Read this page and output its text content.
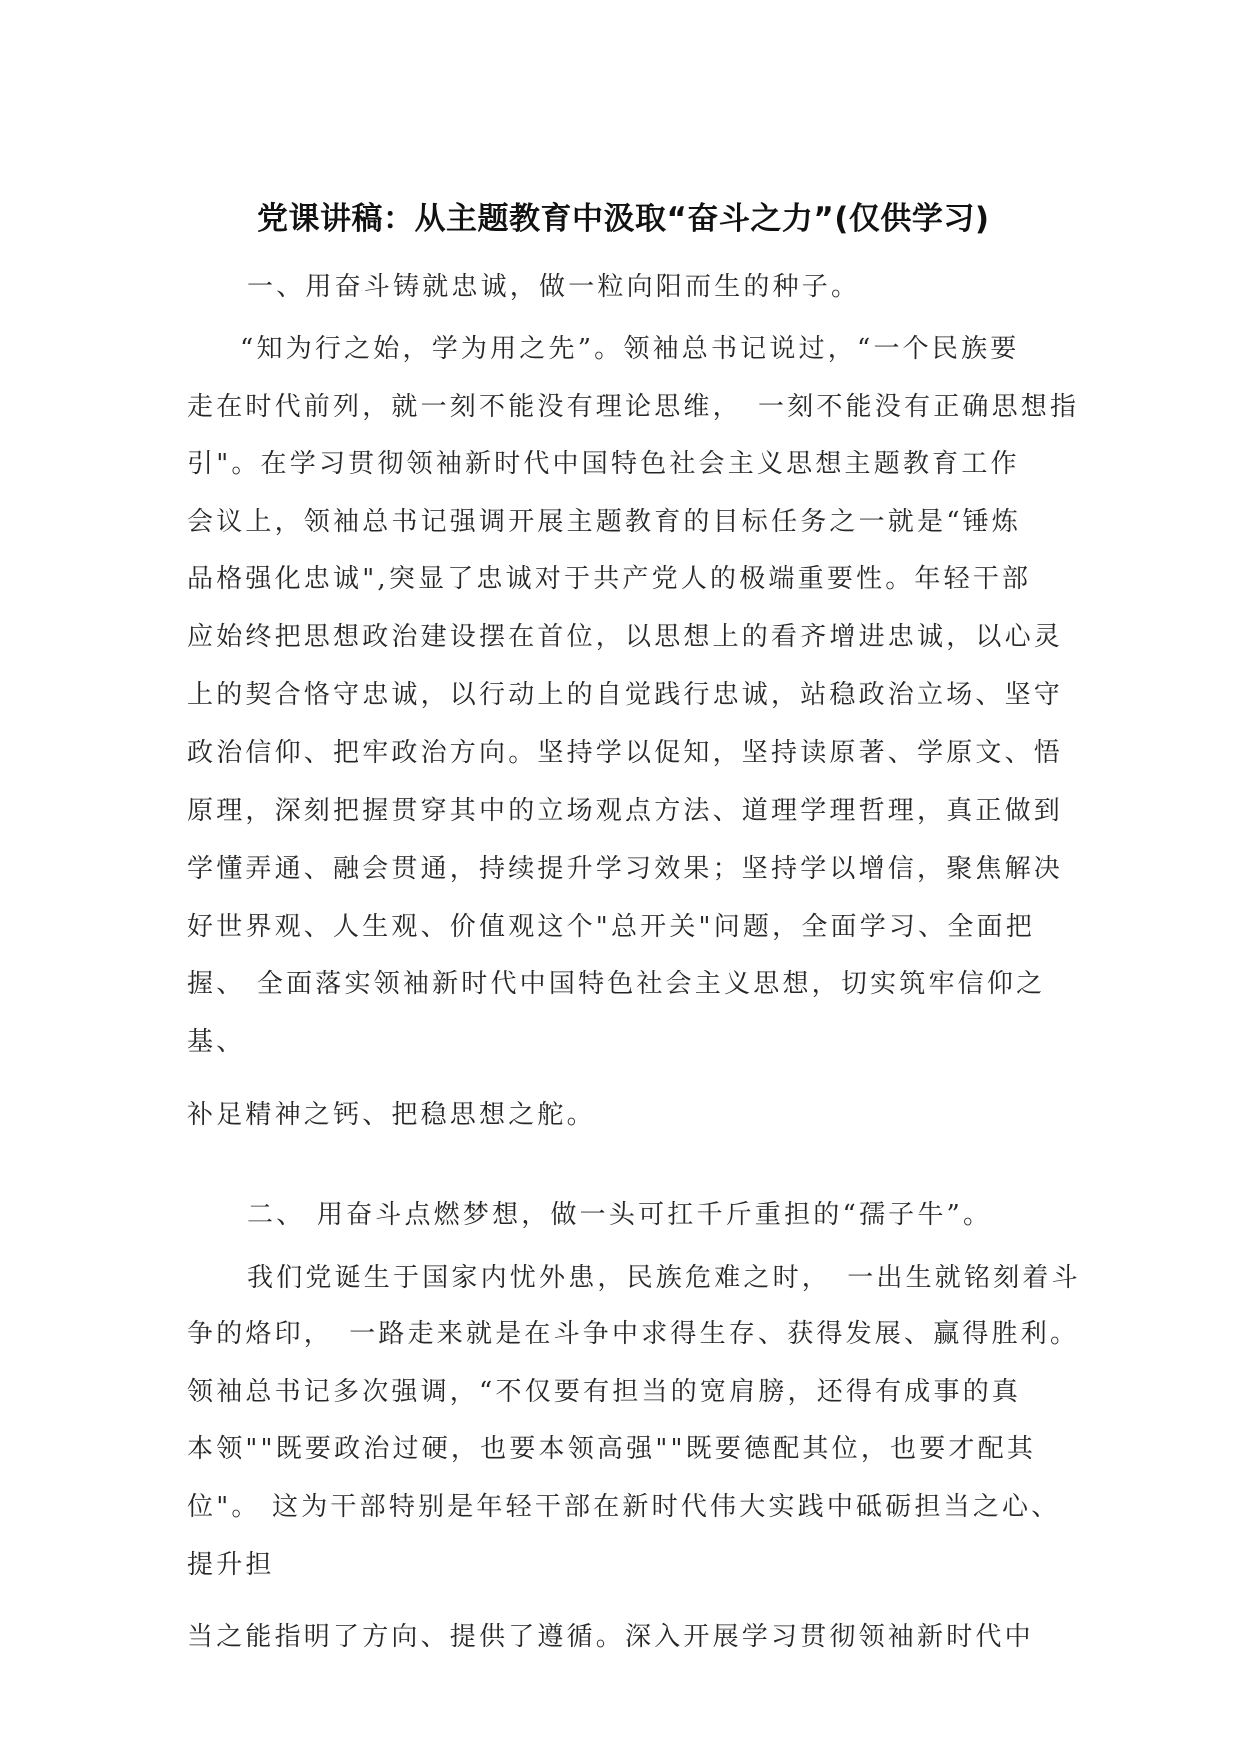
党课讲稿：从主题教育中汲取“奋斗之力”(仅供学习)
一、用奋斗铸就忠诚，做一粒向阳而生的种子。
“知为行之始，学为用之先”。领袖总书记说过，“一个民族要
走在时代前列，就一刻不能没有理论思维，　一刻不能没有正确思想指
引"。在学习贯彻领袖新时代中国特色社会主义思想主题教育工作
会议上，领袖总书记强调开展主题教育的目标任务之一就是“锤炼
品格强化忠诚",突显了忠诚对于共产党人的极端重要性。年轻干部
应始终把思想政治建设摆在首位，以思想上的看齐增进忠诚，以心灵
上的契合恪守忠诚，以行动上的自觉践行忠诚，站稳政治立场、坚守
政治信仰、把牢政治方向。坚持学以促知，坚持读原著、学原文、悟
原理，深刻把握贯穿其中的立场观点方法、道理学理哲理，真正做到
学懂弄通、融会贯通，持续提升学习效果；坚持学以增信，聚焦解决
好世界观、人生观、价值观这个"总开关"问题，全面学习、全面把
握、 全面落实领袖新时代中国特色社会主义思想，切实筑牢信仰之
基、
补足精神之钙、把稳思想之舵。
二、 用奋斗点燃梦想，做一头可扛千斤重担的“孺子牛”。
我们党诞生于国家内忧外患，民族危难之时，　一出生就铭刻着斗
争的烙印，　一路走来就是在斗争中求得生存、获得发展、赢得胜利。
领袖总书记多次强调，“不仅要有担当的宽肩膀，还得有成事的真
本领""既要政治过硬，也要本领高强""既要德配其位，也要才配其
位"。 这为干部特别是年轻干部在新时代伟大实践中砥砺担当之心、
提升担
当之能指明了方向、提供了遵循。深入开展学习贯彻领袖新时代中
